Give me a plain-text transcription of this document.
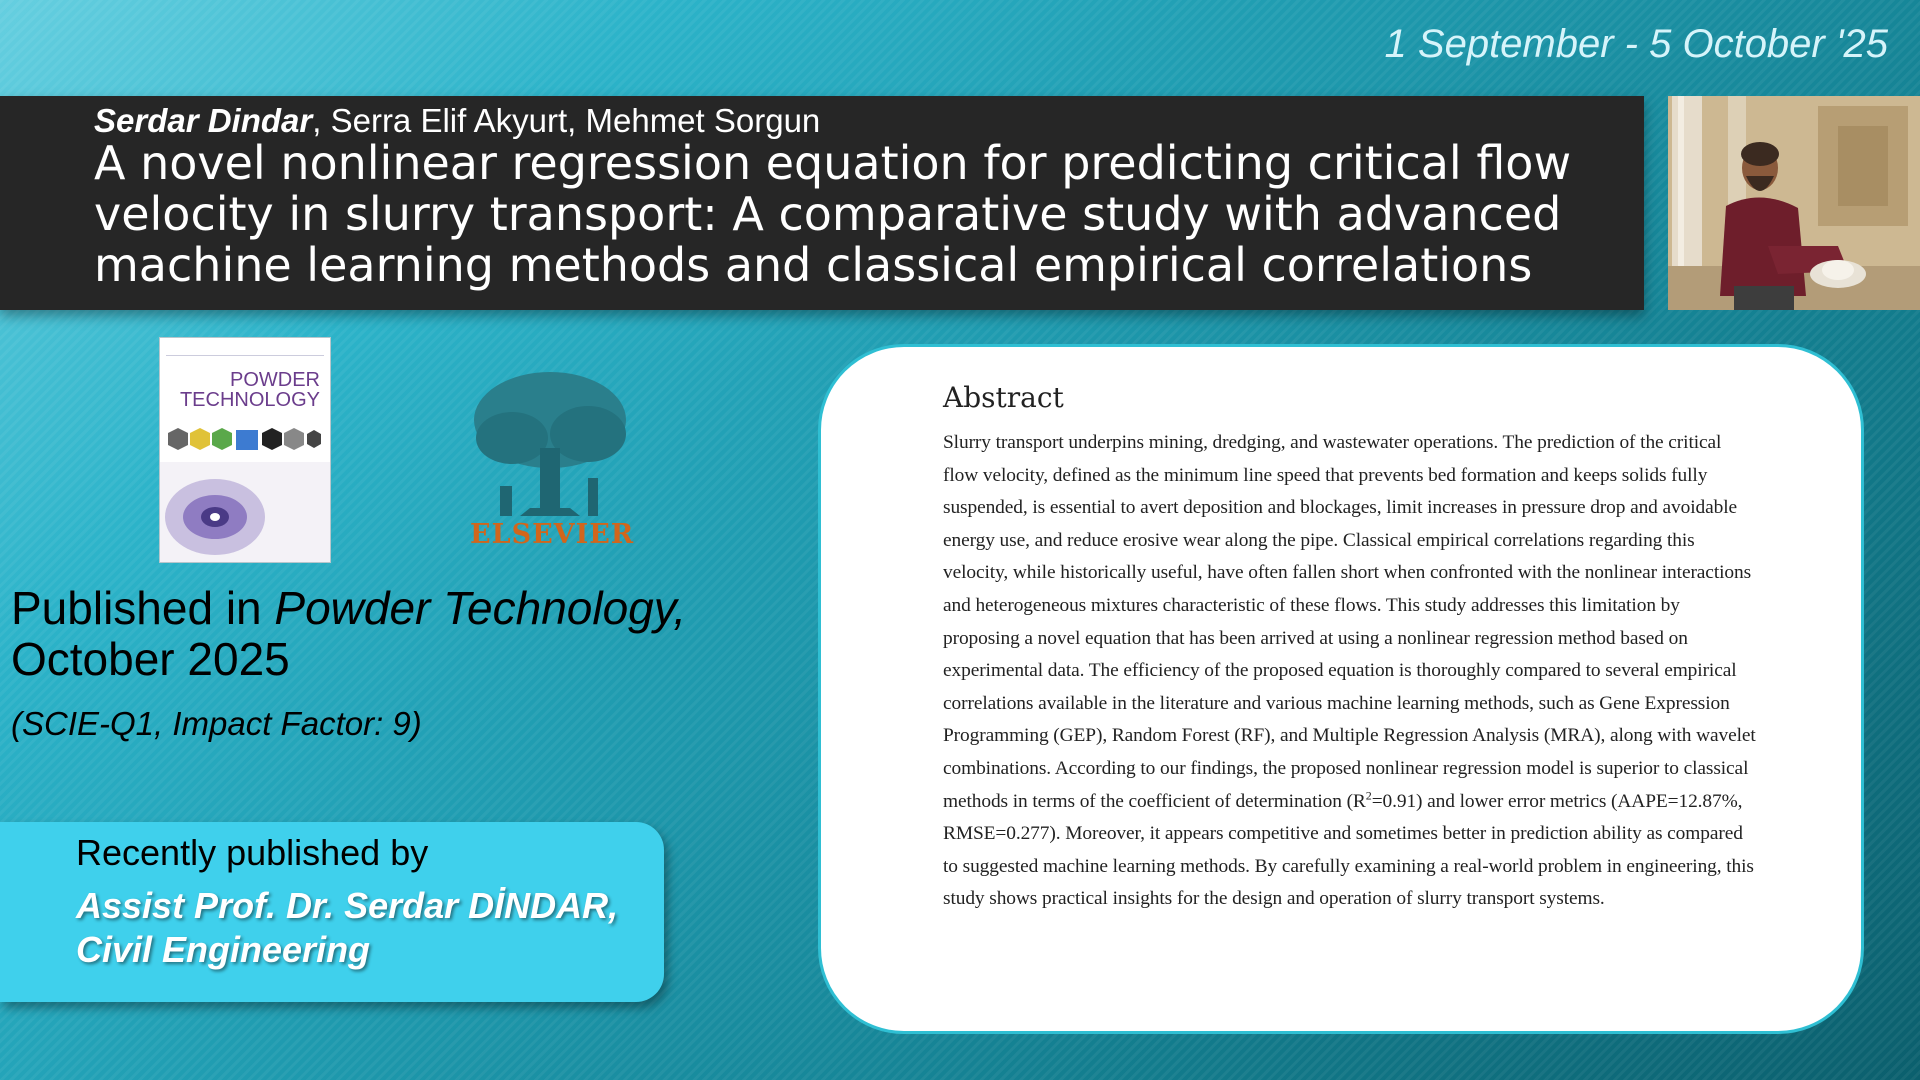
1 September - 5 October '25
Serdar Dindar, Serra Elif Akyurt, Mehmet Sorgun
A novel nonlinear regression equation for predicting critical flow velocity in slurry transport: A comparative study with advanced machine learning methods and classical empirical correlations
POWDER
TECHNOLOGY
ELSEVIER
Published in Powder Technology,
October 2025
(SCIE-Q1, Impact Factor: 9)
Recently published by
Assist Prof. Dr. Serdar DİNDAR,
Civil Engineering
Abstract
Slurry transport underpins mining, dredging, and wastewater operations. The prediction of the critical flow velocity, defined as the minimum line speed that prevents bed formation and keeps solids fully suspended, is essential to avert deposition and blockages, limit increases in pressure drop and avoidable energy use, and reduce erosive wear along the pipe. Classical empirical correlations regarding this velocity, while historically useful, have often fallen short when confronted with the nonlinear interactions and heterogeneous mixtures characteristic of these flows. This study addresses this limitation by proposing a novel equation that has been arrived at using a nonlinear regression method based on experimental data. The efficiency of the proposed equation is thoroughly compared to several empirical correlations available in the literature and various machine learning methods, such as Gene Expression Programming (GEP), Random Forest (RF), and Multiple Regression Analysis (MRA), along with wavelet combinations. According to our findings, the proposed nonlinear regression model is superior to classical methods in terms of the coefficient of determination $(R^2=0.91)$ and lower error metrics (AAPE=12.87%, RMSE=0.277). Moreover, it appears competitive and sometimes better in prediction ability as compared to suggested machine learning methods. By carefully examining a real-world problem in engineering, this study shows practical insights for the design and operation of slurry transport systems.
